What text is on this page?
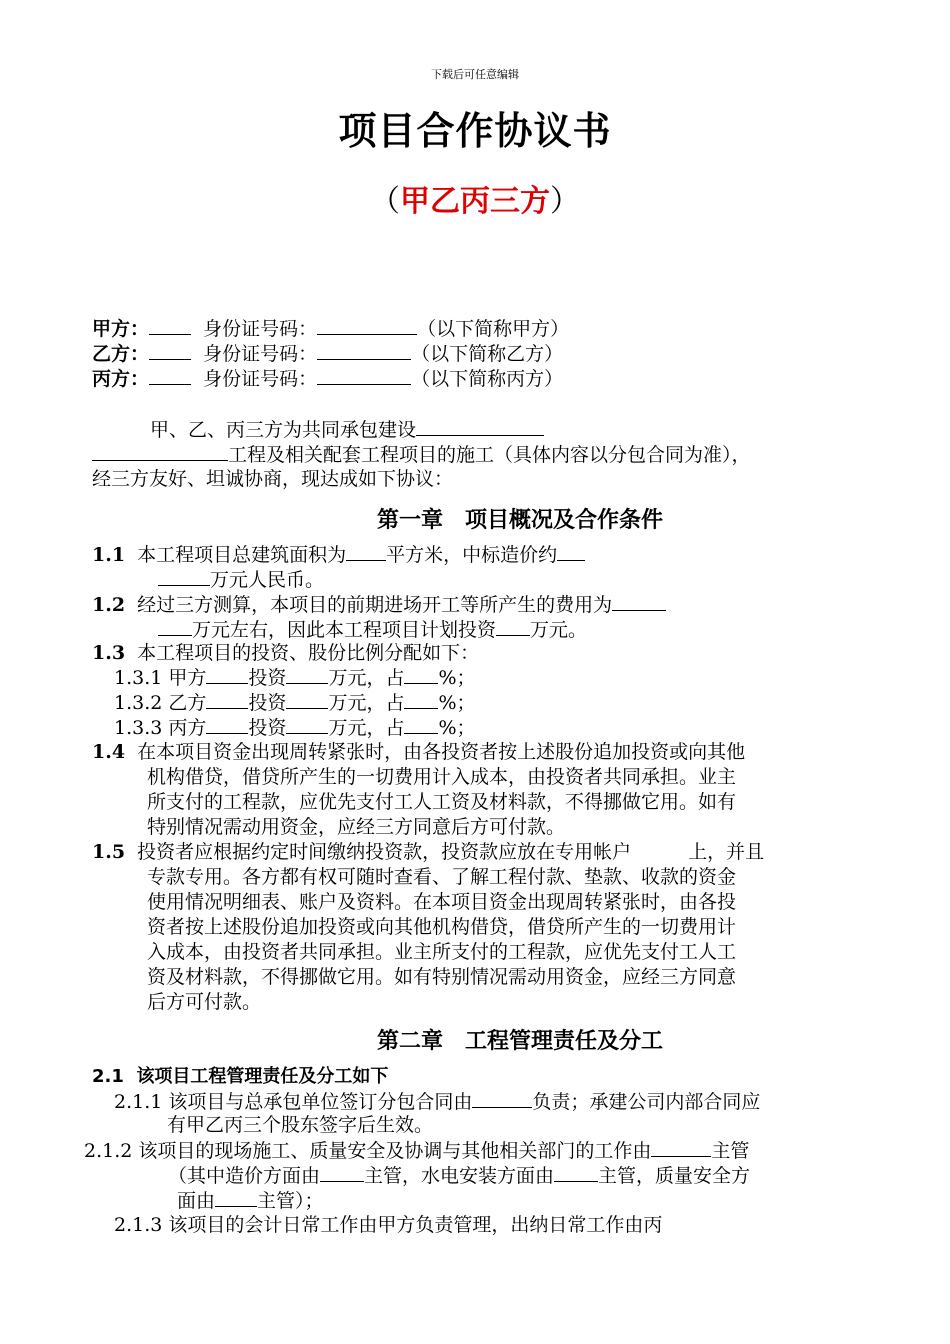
下载后可任意编辑
项目合作协议书
（甲乙丙三方）
甲方：	身份证号码：	（以下简称甲方）
乙方：	身份证号码：	（以下简称乙方）
丙方：	身份证号码：	（以下简称丙方）
甲、乙、丙三方为共同承包建设
工程及相关配套工程项目的施工（具体内容以分包合同为准），
经三方友好、坦诚协商，现达成如下协议：
第一章　项目概况及合作条件
1.1 本工程项目总建筑面积为 平方米，中标造价约
万元人民币。
1.2 经过三方测算，本项目的前期进场开工等所产生的费用为
万元左右，因此本工程项目计划投资 万元。
1.3 本工程项目的投资、股份比例分配如下：
1.3.1 甲方 投资 万元，占 %；
1.3.2 乙方 投资 万元，占 %；
1.3.3 丙方 投资 万元，占 %；
1.4 在本项目资金出现周转紧张时，由各投资者按上述股份追加投资或向其他
机构借贷，借贷所产生的一切费用计入成本，由投资者共同承担。业主
所支付的工程款，应优先支付工人工资及材料款，不得挪做它用。如有
特别情况需动用资金，应经三方同意后方可付款。
1.5 投资者应根据约定时间缴纳投资款，投资款应放在专用帐户　　　上，并且
专款专用。各方都有权可随时查看、了解工程付款、垫款、收款的资金
使用情况明细表、账户及资料。在本项目资金出现周转紧张时，由各投
资者按上述股份追加投资或向其他机构借贷，借贷所产生的一切费用计
入成本，由投资者共同承担。业主所支付的工程款，应优先支付工人工
资及材料款，不得挪做它用。如有特别情况需动用资金，应经三方同意
后方可付款。
第二章　工程管理责任及分工
2.1 该项目工程管理责任及分工如下
2.1.1 该项目与总承包单位签订分包合同由	负责；承建公司内部合同应
有甲乙丙三个股东签字后生效。
2.1.2 该项目的现场施工、质量安全及协调与其他相关部门的工作由	主管
（其中造价方面由 主管，水电安装方面由 主管，质量安全方
面由 主管）；
2.1.3 该项目的会计日常工作由甲方负责管理，出纳日常工作由丙
